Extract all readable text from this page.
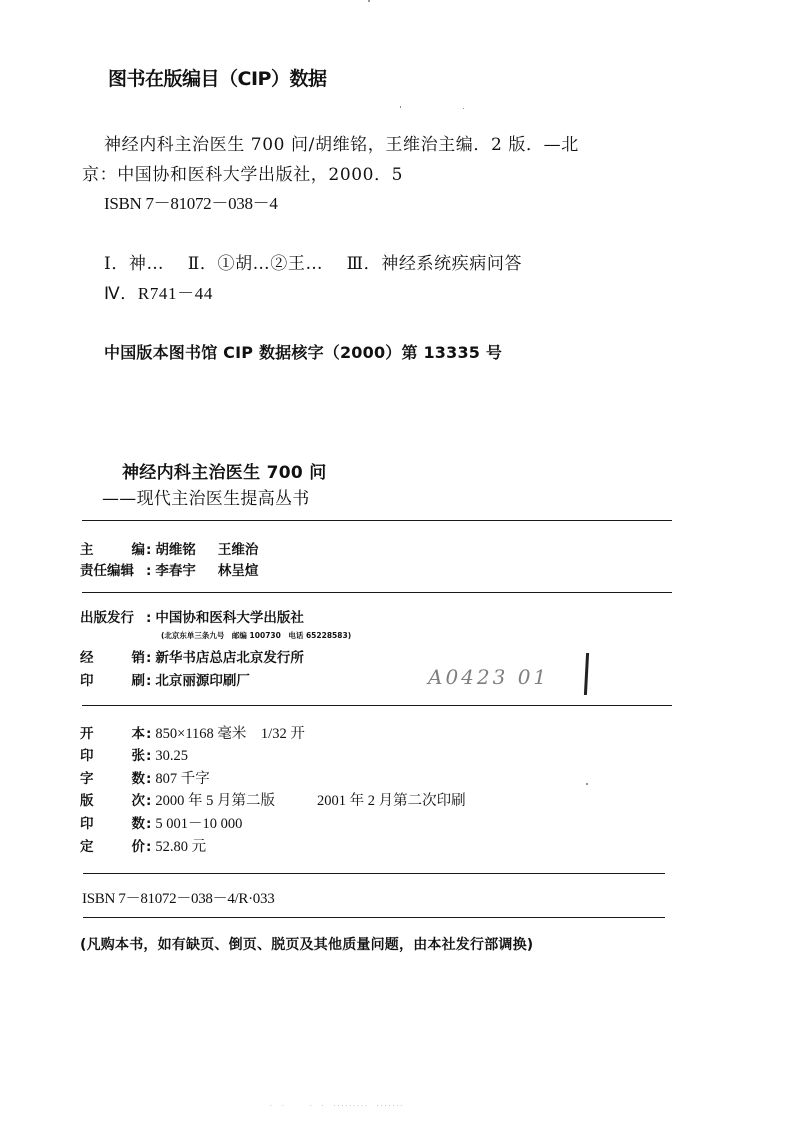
图书在版编目（CIP）数据
神经内科主治医生 700 问/胡维铭，王维治主编．2 版．—北
京：中国协和医科大学出版社，2000．5
ISBN 7－81072－038－4
Ⅰ．神…　 Ⅱ．①胡…②王…　 Ⅲ．神经系统疾病问答
Ⅳ．R741－44
中国版本图书馆 CIP 数据核字（2000）第 13335 号
神经内科主治医生 700 问
——现代主治医生提高丛书
主	编 : 胡维铭 王维治
责任编辑 : 李春宇 林呈煊
出版发行 : 中国协和医科大学出版社
(北京东单三条九号　邮编 100730　电话 65228583)
经	销 : 新华书店总店北京发行所
印	刷 : 北京丽源印刷厂	A0423 01
开	本 : 850×1168 毫米　1/32 开
印	张 : 30.25
字	数 : 807 千字
版	次 : 2000 年 5 月第二版	2001 年 2 月第二次印刷
印	数 : 5 001－10 000
定	价 : 52.80 元
ISBN 7－81072－038－4/R·033
(凡购本书，如有缺页、倒页、脱页及其他质量问题，由本社发行部调换)
·　·　　　·　·　·········　·······
